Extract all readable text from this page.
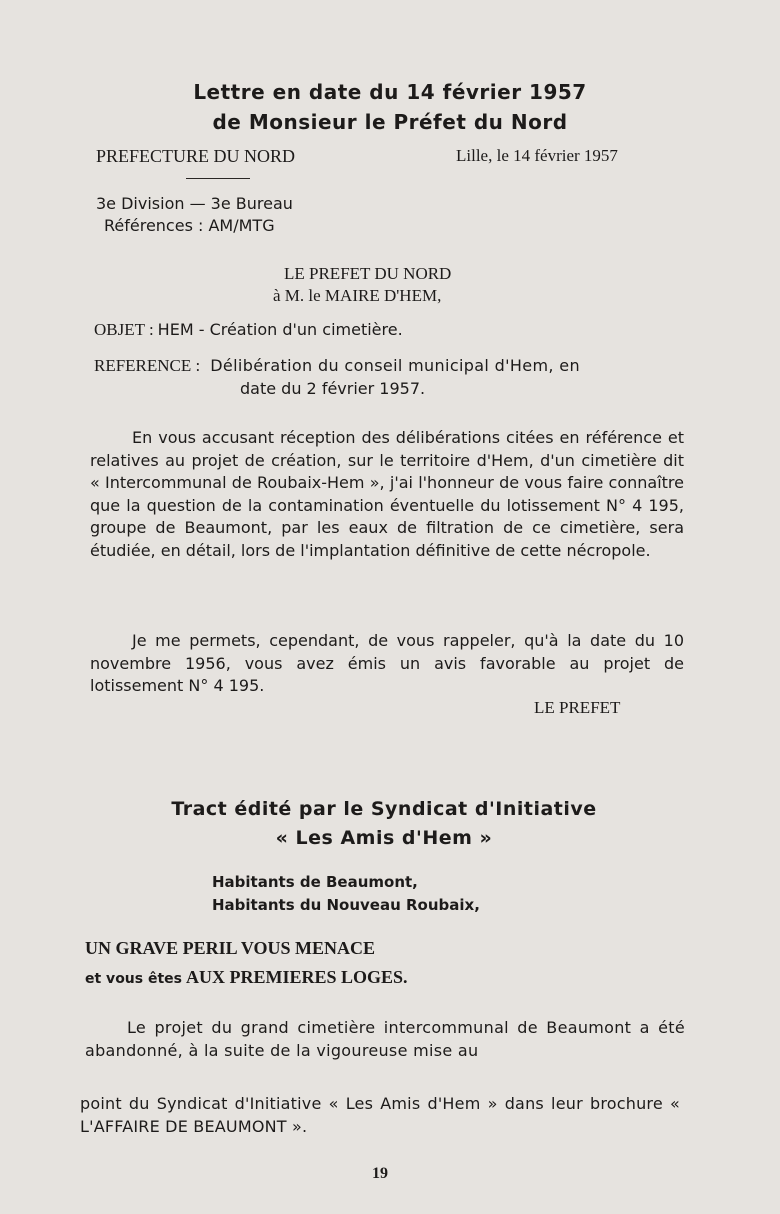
Lettre en date du 14 février 1957
de Monsieur le Préfet du Nord
PREFECTURE DU NORD	Lille, le 14 février 1957
3e Division — 3e Bureau
Références : AM/MTG
LE PREFET DU NORD
à M. le MAIRE D'HEM,
OBJET : HEM - Création d'un cimetière.
REFERENCE : Délibération du conseil municipal d'Hem, en
date du 2 février 1957.
En vous accusant réception des délibérations citées en référence et relatives au projet de création, sur le territoire d'Hem, d'un cimetière dit « Intercommunal de Roubaix-Hem », j'ai l'honneur de vous faire connaître que la question de la contamination éventuelle du lotissement N° 4 195, groupe de Beaumont, par les eaux de filtration de ce cimetière, sera étudiée, en détail, lors de l'implantation définitive de cette nécropole.
Je me permets, cependant, de vous rappeler, qu'à la date du 10 novembre 1956, vous avez émis un avis favorable au projet de lotissement N° 4 195.
LE PREFET
Tract édité par le Syndicat d'Initiative
« Les Amis d'Hem »
Habitants de Beaumont,
Habitants du Nouveau Roubaix,
UN GRAVE PERIL VOUS MENACE
et vous êtes AUX PREMIERES LOGES.
Le projet du grand cimetière intercommunal de Beaumont a été abandonné, à la suite de la vigoureuse mise au
point du Syndicat d'Initiative « Les Amis d'Hem » dans leur brochure « L'AFFAIRE DE BEAUMONT ».
19
